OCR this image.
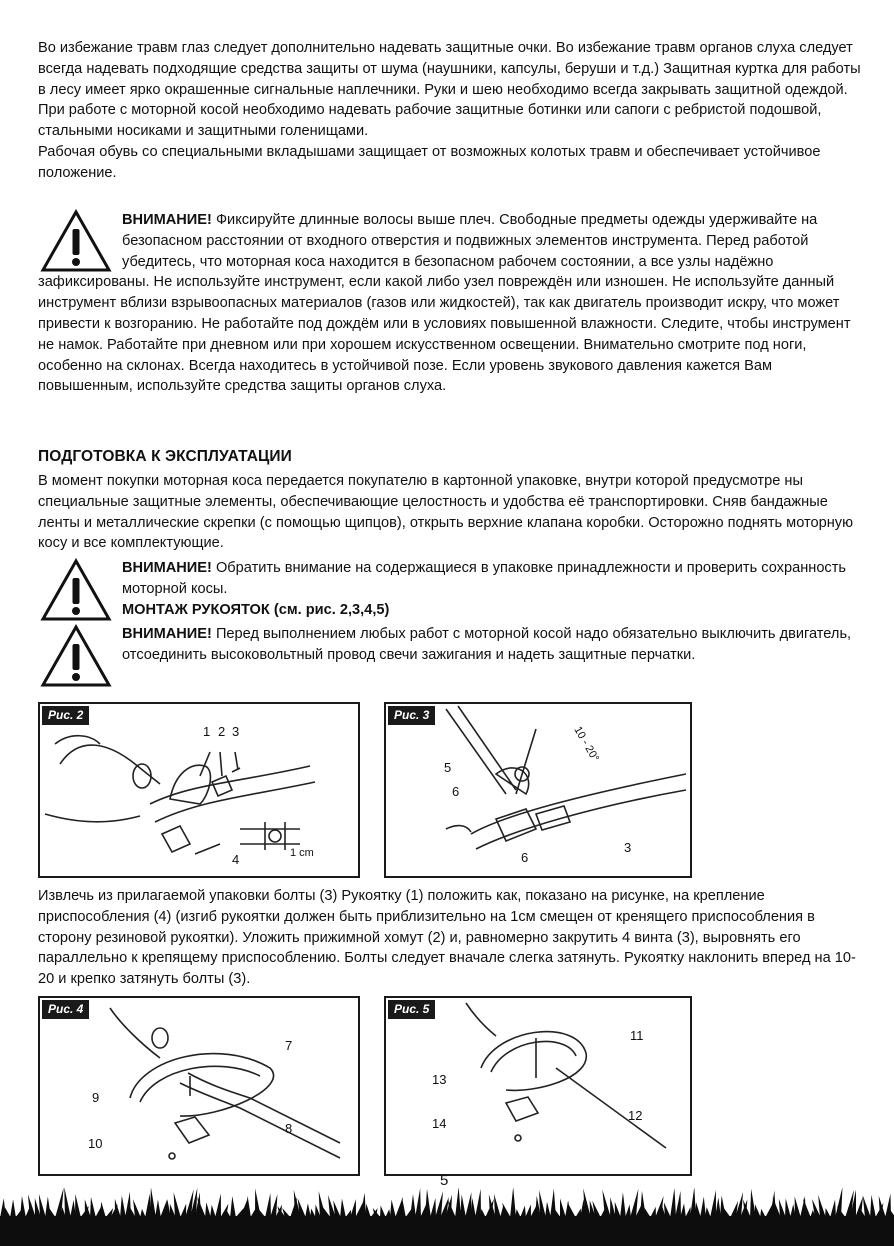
Во избежание травм глаз следует дополнительно надевать защитные очки. Во избежание травм органов слуха следует всегда надевать подходящие средства защиты от шума (наушники, капсулы, беруши и т.д.) Защитная куртка для работы в лесу имеет ярко окрашенные сигнальные наплечники. Руки и шею необходимо всегда закрывать защитной одеждой. При работе с моторной косой необходимо надевать рабочие защитные ботинки или сапоги с ребристой подошвой, стальными носиками и защитными голенищами.

Рабочая обувь со специальными вкладышами защищает от возможных колотых травм и обеспечивает устойчивое положение.

ВНИМАНИЕ! Фиксируйте длинные волосы выше плеч. Свободные предметы одежды удерживайте на безопасном расстоянии от входного отверстия и подвижных элементов инструмента. Перед работой убедитесь, что моторная коса находится в безопасном рабочем состоянии, а все узлы надёжно зафиксированы. Не используйте инструмент, если какой либо узел повреждён или изношен. Не используйте данный инструмент вблизи взрывоопасных материалов (газов или жидкостей), так как двигатель производит искру, что может привести к возгоранию. Не работайте под дождём или в условиях повышенной влажности. Следите, чтобы инструмент не намок. Работайте при дневном или при хорошем искусственном освещении. Внимательно смотрите под ноги, особенно на склонах. Всегда находитесь в устойчивой позе. Если уровень звукового давления кажется Вам повышенным, используйте средства защиты органов слуха.
ПОДГОТОВКА К ЭКСПЛУАТАЦИИ

В момент покупки моторная коса передается покупателю в картонной упаковке, внутри которой предусмотре ны специальные защитные элементы, обеспечивающие целостность и удобства её транспортировки. Сняв бандажные ленты и металлические скрепки (с помощью щипцов), открыть верхние клапана коробки. Осторожно поднять моторную косу и все комплектующие.

ВНИМАНИЕ! Обратить внимание на содержащиеся в упаковке принадлежности и проверить сохранность моторной косы.
МОНТАЖ РУКОЯТОК (см. рис. 2,3,4,5)
ВНИМАНИЕ! Перед выполнением любых работ с моторной косой надо обязательно выключить двигатель, отсоединить высоковольтный провод свечи зажигания и надеть защитные перчатки.
1 2 3
4	1 cm
Рис. 2
5
6
6
3
10 - 20°
Рис. 3

Извлечь из прилагаемой упаковки болты (3) Рукоятку (1) положить как, показано на рисунке, на крепление приспособления (4) (изгиб рукоятки должен быть приблизительно на 1см смещен от кренящего приспособления в сторону резиновой рукоятки). Уложить прижимной хомут (2) и, равномерно закрутить 4 винта (3), выровнять его параллельно к крепящему приспособлению. Болты следует вначале слегка затянуть. Рукоятку наклонить вперед на 10-20 и крепко затянуть болты (3).

7
9
8
10
Рис. 4
11
13
14
12
Рис. 5
5
